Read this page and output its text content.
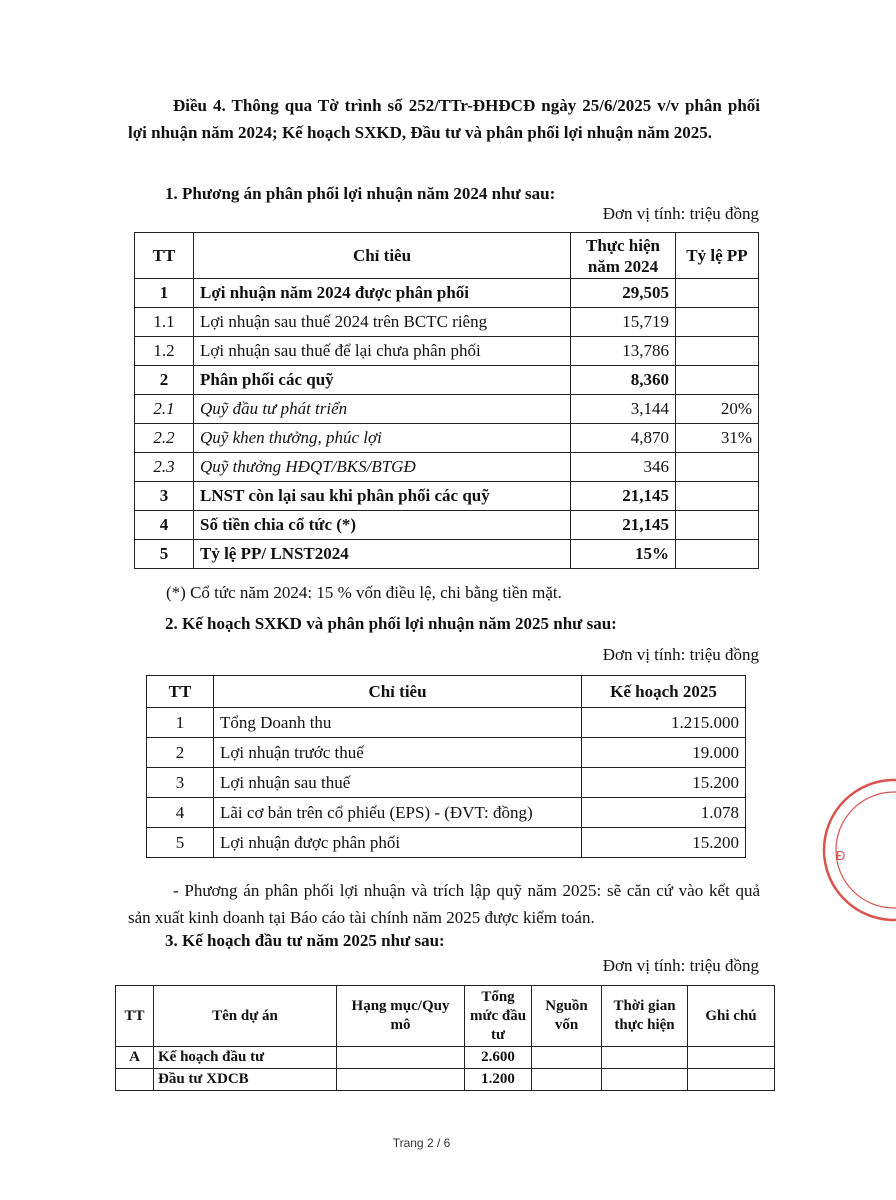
Điều 4. Thông qua Tờ trình số 252/TTr-ĐHĐCĐ ngày 25/6/2025 v/v phân phối lợi nhuận năm 2024; Kế hoạch SXKD, Đầu tư và phân phối lợi nhuận năm 2025.

1. Phương án phân phối lợi nhuận năm 2024 như sau:

Đơn vị tính: triệu đồng

TT	Chỉ tiêu	Thực hiện năm 2024	Tỷ lệ PP
1	Lợi nhuận năm 2024 được phân phối	29,505	
1.1	Lợi nhuận sau thuế 2024 trên BCTC riêng	15,719	
1.2	Lợi nhuận sau thuế để lại chưa phân phối	13,786	
2	Phân phối các quỹ	8,360	
2.1	Quỹ đầu tư phát triển	3,144	20%
2.2	Quỹ khen thưởng, phúc lợi	4,870	31%
2.3	Quỹ thưởng HĐQT/BKS/BTGĐ	346	
3	LNST còn lại sau khi phân phối các quỹ	21,145	
4	Số tiền chia cổ tức (*)	21,145	
5	Tỷ lệ PP/ LNST2024	15%	

(*) Cổ tức năm 2024: 15 % vốn điều lệ, chi bằng tiền mặt.

2. Kế hoạch SXKD và phân phối lợi nhuận năm 2025 như sau:

Đơn vị tính: triệu đồng

TT	Chỉ tiêu	Kế hoạch 2025
1	Tổng Doanh thu	1.215.000
2	Lợi nhuận trước thuế	19.000
3	Lợi nhuận sau thuế	15.200
4	Lãi cơ bản trên cổ phiếu (EPS) - (ĐVT: đồng)	1.078
5	Lợi nhuận được phân phối	15.200

- Phương án phân phối lợi nhuận và trích lập quỹ năm 2025: sẽ căn cứ vào kết quả sản xuất kinh doanh tại Báo cáo tài chính năm 2025 được kiểm toán.

3. Kế hoạch đầu tư năm 2025 như sau:

Đơn vị tính: triệu đồng

TT	Tên dự án	Hạng mục/Quy mô	Tổng mức đầu tư	Nguồn vốn	Thời gian thực hiện	Ghi chú
A	Kế hoạch đầu tư		2.600			
	Đầu tư XDCB		1.200			

Trang 2 / 6

Đ
